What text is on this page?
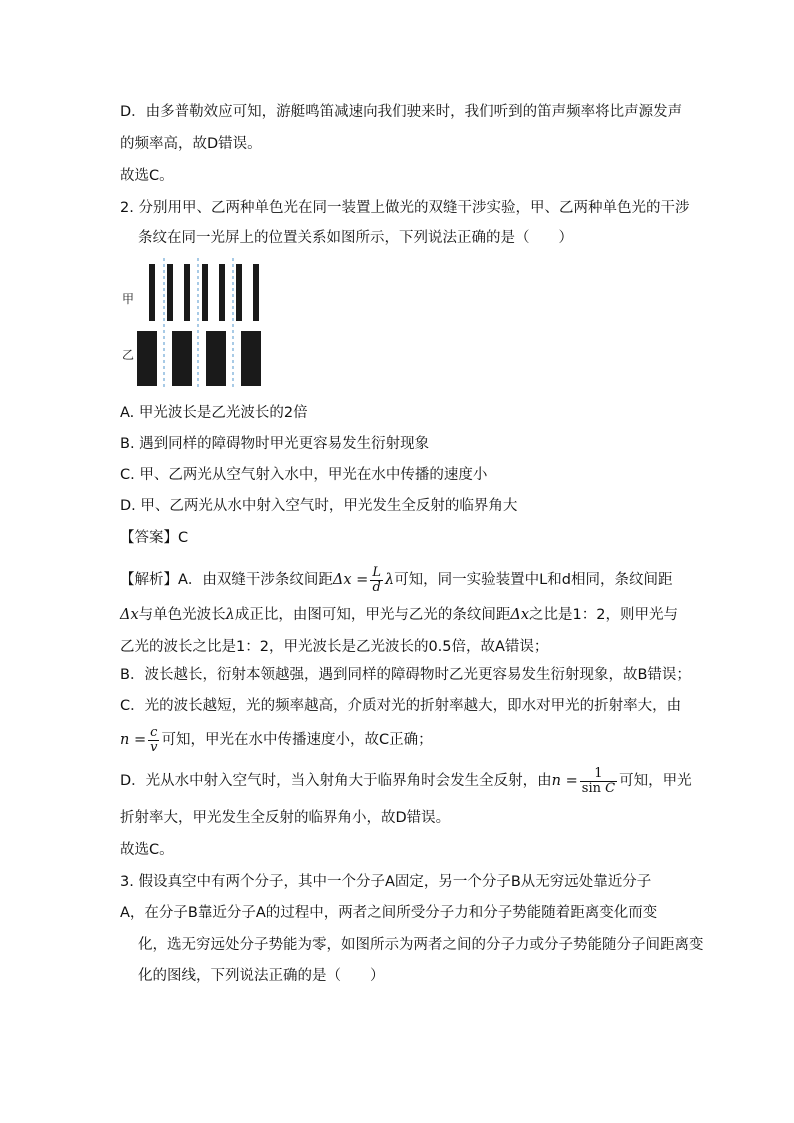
D．由多普勒效应可知，游艇鸣笛减速向我们驶来时，我们听到的笛声频率将比声源发声
的频率高，故D错误。
故选C。
2. 分别用甲、乙两种单色光在同一装置上做光的双缝干涉实验，甲、乙两种单色光的干涉
条纹在同一光屏上的位置关系如图所示，下列说法正确的是（　　）
甲
乙
A. 甲光波长是乙光波长的2倍
B. 遇到同样的障碍物时甲光更容易发生衍射现象
C. 甲、乙两光从空气射入水中，甲光在水中传播的速度小
D. 甲、乙两光从水中射入空气时，甲光发生全反射的临界角大
【答案】C
【解析】A．由双缝干涉条纹间距$\Delta x = \frac{L}{d}$ λ可知，同一实验装置中L和d相同，条纹间距
Δx与单色光波长λ成正比，由图可知，甲光与乙光的条纹间距Δx之比是1：2，则甲光与
乙光的波长之比是1：2，甲光波长是乙光波长的0.5倍，故A错误；
B．波长越长，衍射本领越强，遇到同样的障碍物时乙光更容易发生衍射现象，故B错误；
C．光的波长越短，光的频率越高，介质对光的折射率越大，即水对甲光的折射率大，由
$n = \frac{c}{v}$ 可知，甲光在水中传播速度小，故C正确；
D．光从水中射入空气时，当入射角大于临界角时会发生全反射，由$n = \frac{1}{\text{sin C}}$ 可知，甲光
折射率大，甲光发生全反射的临界角小，故D错误。
故选C。
3. 假设真空中有两个分子，其中一个分子A固定，另一个分子B从无穷远处靠近分子
A，在分子B靠近分子A的过程中，两者之间所受分子力和分子势能随着距离变化而变
化，选无穷远处分子势能为零，如图所示为两者之间的分子力或分子势能随分子间距离变
化的图线，下列说法正确的是（　　）
